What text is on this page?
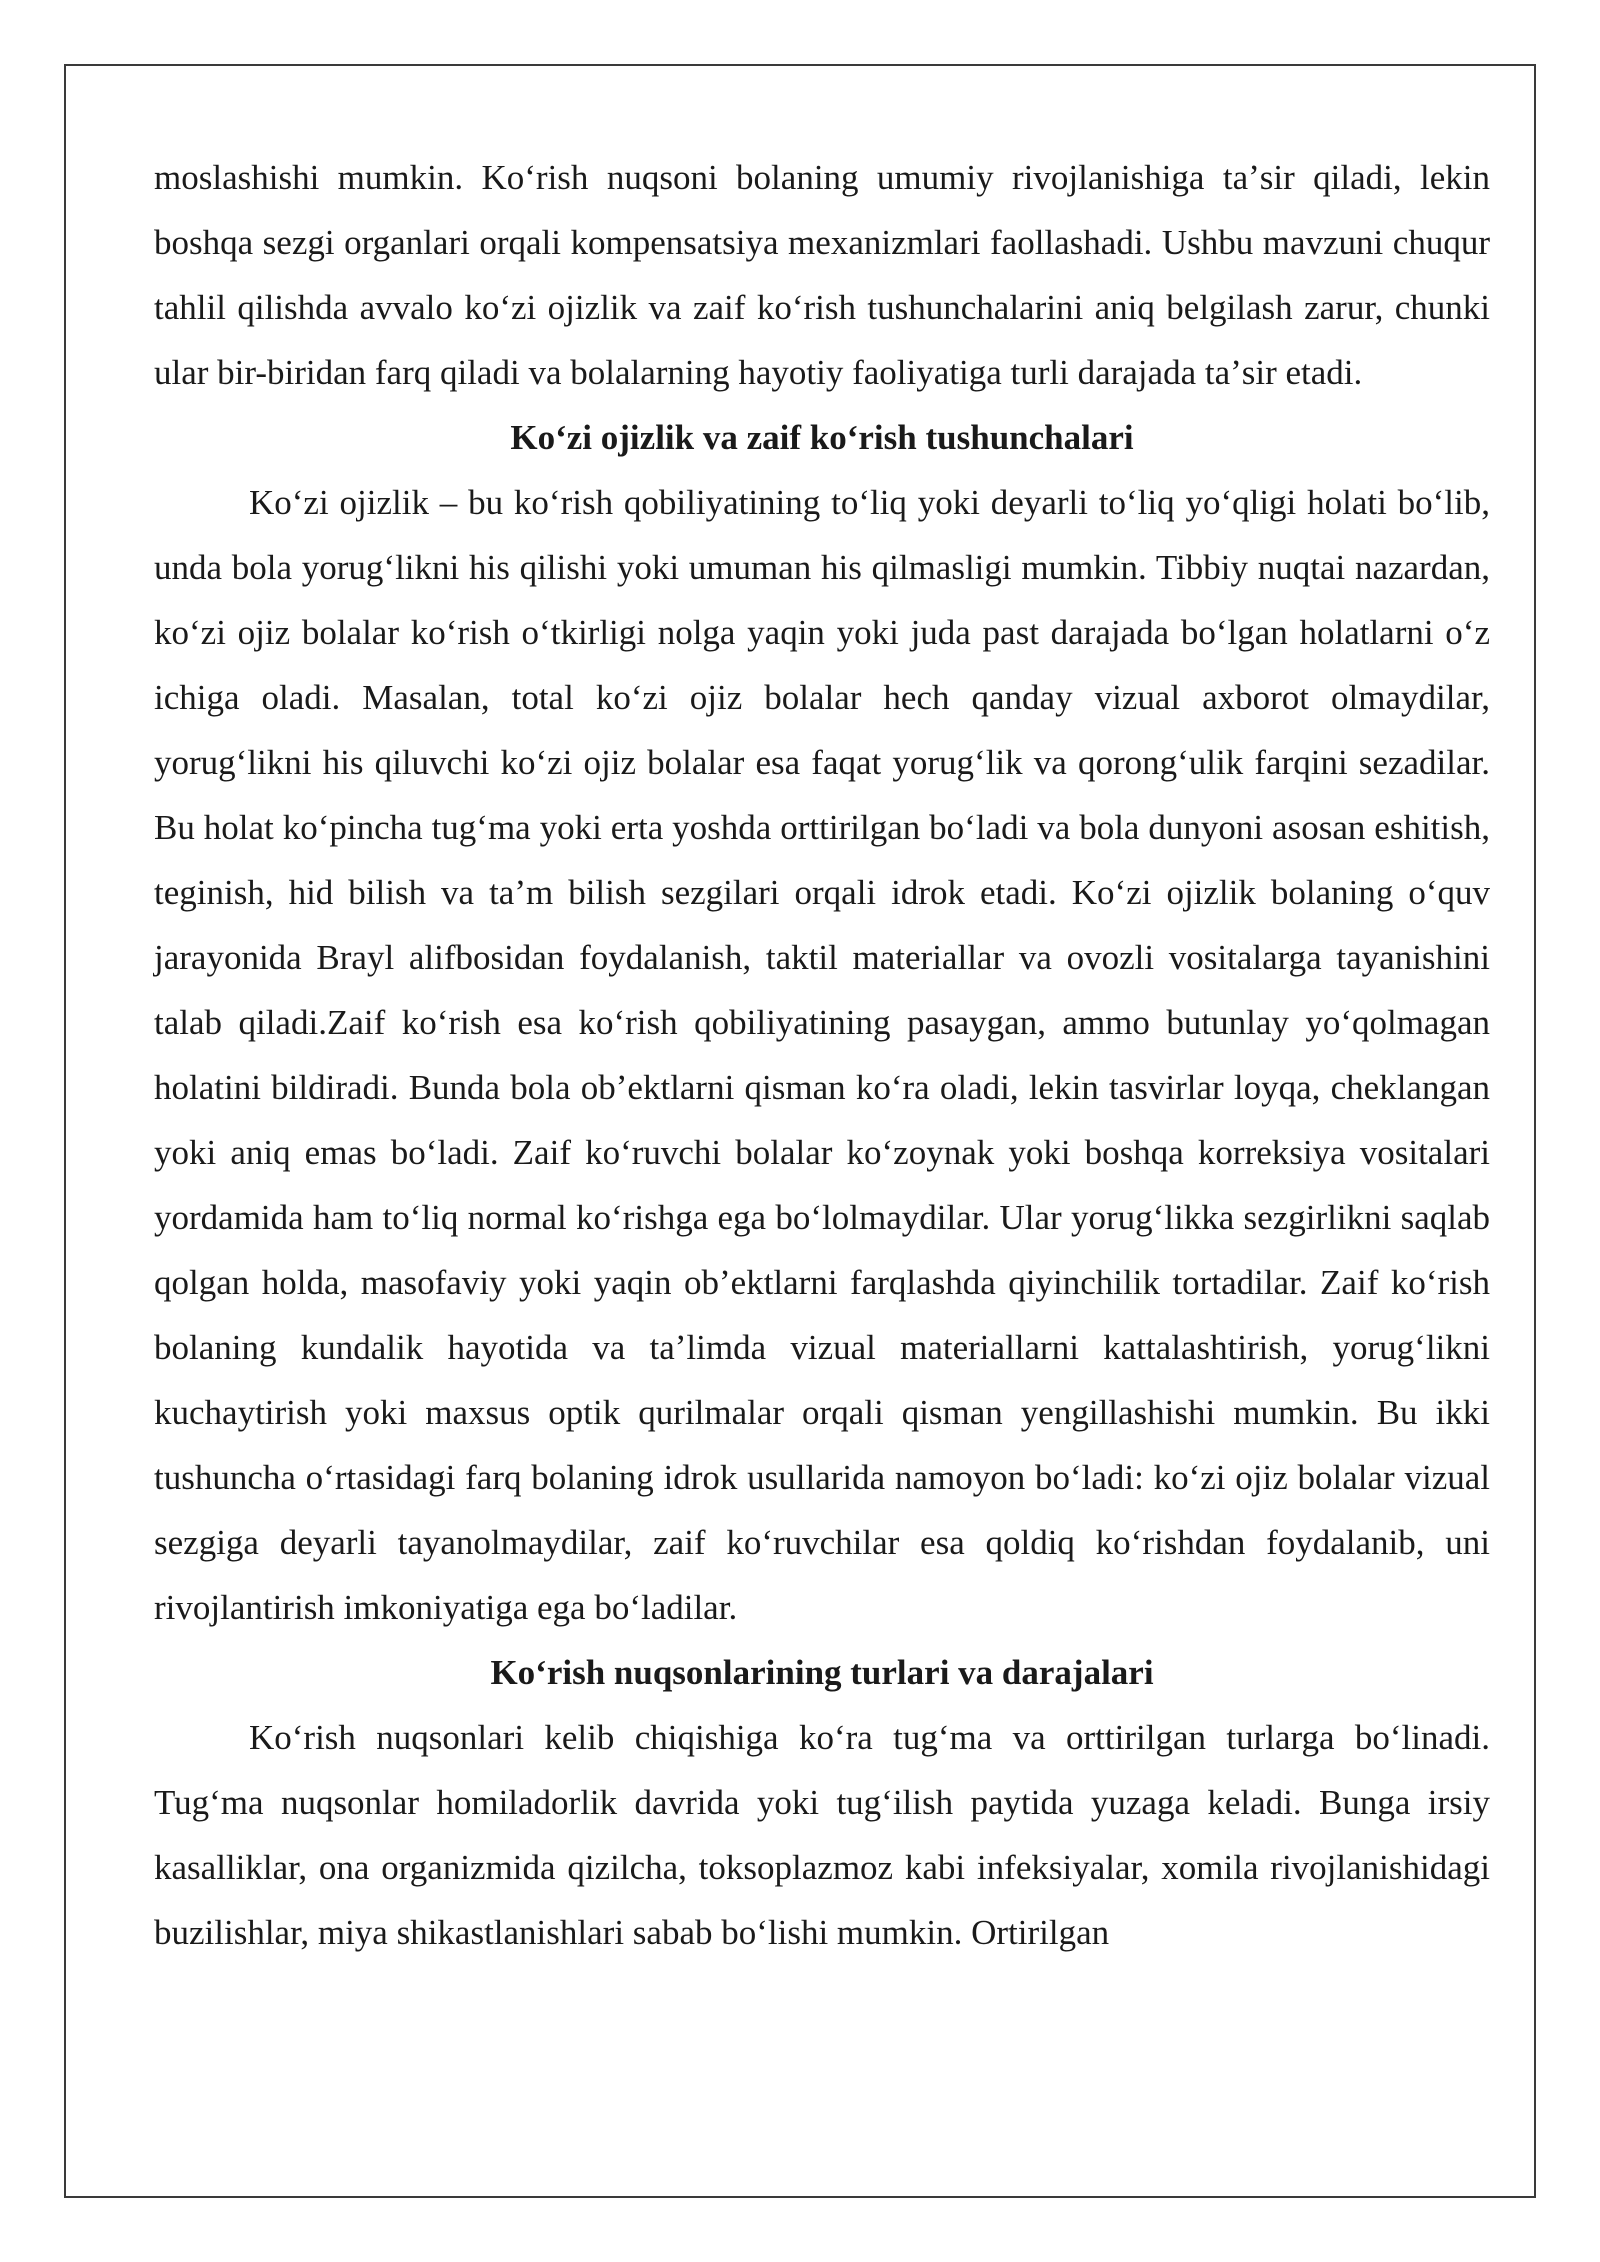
moslashishi mumkin. Koʻrish nuqsoni bolaning umumiy rivojlanishiga taʼsir qiladi, lekin boshqa sezgi organlari orqali kompensatsiya mexanizmlari faollashadi. Ushbu mavzuni chuqur tahlil qilishda avvalo koʻzi ojizlik va zaif koʻrish tushunchalarini aniq belgilash zarur, chunki ular bir-biridan farq qiladi va bolalarning hayotiy faoliyatiga turli darajada taʼsir etadi.

Koʻzi ojizlik va zaif koʻrish tushunchalari

Koʻzi ojizlik – bu koʻrish qobiliyatining toʻliq yoki deyarli toʻliq yoʻqligi holati boʻlib, unda bola yorugʻlikni his qilishi yoki umuman his qilmasligi mumkin. Tibbiy nuqtai nazardan, koʻzi ojiz bolalar koʻrish oʻtkirligi nolga yaqin yoki juda past darajada boʻlgan holatlarni oʻz ichiga oladi. Masalan, total koʻzi ojiz bolalar hech qanday vizual axborot olmaydilar, yorugʻlikni his qiluvchi koʻzi ojiz bolalar esa faqat yorugʻlik va qorongʻulik farqini sezadilar. Bu holat koʻpincha tugʻma yoki erta yoshda orttirilgan boʻladi va bola dunyoni asosan eshitish, teginish, hid bilish va taʼm bilish sezgilari orqali idrok etadi. Koʻzi ojizlik bolaning oʻquv jarayonida Brayl alifbosidan foydalanish, taktil materiallar va ovozli vositalarga tayanishini talab qiladi.Zaif koʻrish esa koʻrish qobiliyatining pasaygan, ammo butunlay yoʻqolmagan holatini bildiradi. Bunda bola obʼektlarni qisman koʻra oladi, lekin tasvirlar loyqa, cheklangan yoki aniq emas boʻladi. Zaif koʻruvchi bolalar koʻzoynak yoki boshqa korreksiya vositalari yordamida ham toʻliq normal koʻrishga ega boʻlolmaydilar. Ular yorugʻlikka sezgirlikni saqlab qolgan holda, masofaviy yoki yaqin obʼektlarni farqlashda qiyinchilik tortadilar. Zaif koʻrish bolaning kundalik hayotida va taʼlimda vizual materiallarni kattalashtirish, yorugʻlikni kuchaytirish yoki maxsus optik qurilmalar orqali qisman yengillashishi mumkin. Bu ikki tushuncha oʻrtasidagi farq bolaning idrok usullarida namoyon boʻladi: koʻzi ojiz bolalar vizual sezgiga deyarli tayanolmaydilar, zaif koʻruvchilar esa qoldiq koʻrishdan foydalanib, uni rivojlantirish imkoniyatiga ega boʻladilar.

Koʻrish nuqsonlarining turlari va darajalari

Koʻrish nuqsonlari kelib chiqishiga koʻra tugʻma va orttirilgan turlarga boʻlinadi. Tugʻma nuqsonlar homiladorlik davrida yoki tugʻilish paytida yuzaga keladi. Bunga irsiy kasalliklar, ona organizmida qizilcha, toksoplazmoz kabi infeksiyalar, xomila rivojlanishidagi buzilishlar, miya shikastlanishlari sabab boʻlishi mumkin. Ortirilgan
